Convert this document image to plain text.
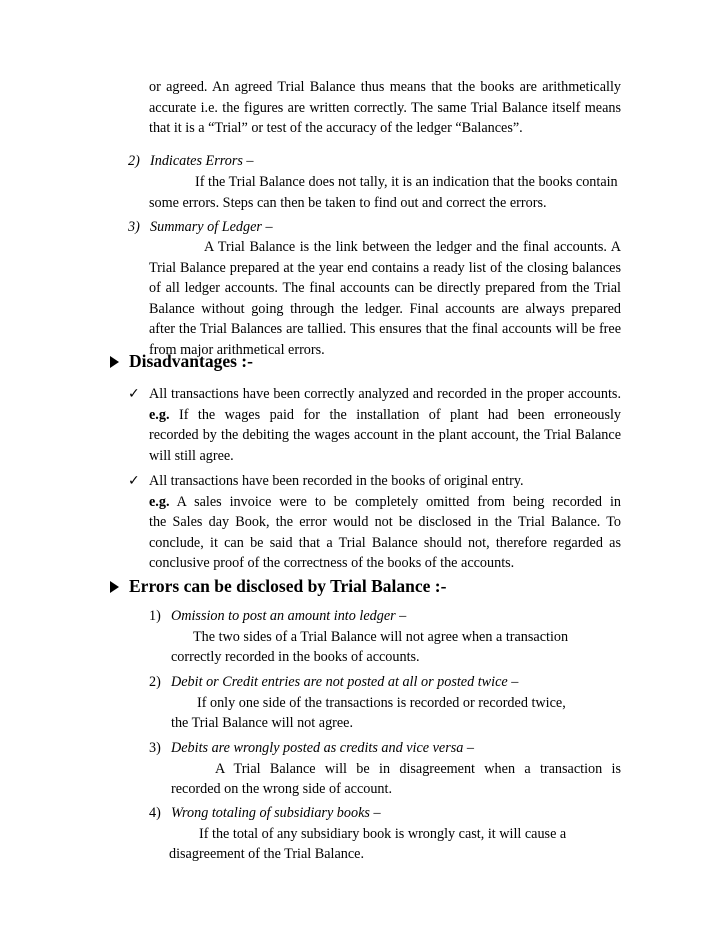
or agreed. An agreed Trial Balance thus means that the books are arithmetically
accurate i.e. the figures are written correctly. The same Trial Balance itself means
that it is a “Trial” or test of the accuracy of the ledger “Balances”.
2) Indicates Errors –
If the Trial Balance does not tally, it is an indication that the books contain
some errors. Steps can then be taken to find out and correct the errors.
3) Summary of Ledger –
A Trial Balance is the link between the ledger and the final accounts. A
Trial Balance prepared at the year end contains a ready list of the closing balances
of all ledger accounts. The final accounts can be directly prepared from the Trial
Balance without going through the ledger. Final accounts are always prepared
after the Trial Balances are tallied. This ensures that the final accounts will be free
from major arithmetical errors.
Disadvantages :-
✓ All transactions have been correctly analyzed and recorded in the proper accounts.
e.g. If the wages paid for the installation of plant had been erroneously
recorded by the debiting the wages account in the plant account, the Trial Balance
will still agree.
✓ All transactions have been recorded in the books of original entry.
e.g. A sales invoice were to be completely omitted from being recorded in
the Sales day Book, the error would not be disclosed in the Trial Balance. To
conclude, it can be said that a Trial Balance should not, therefore regarded as
conclusive proof of the correctness of the books of the accounts.
Errors can be disclosed by Trial Balance :-
1) Omission to post an amount into ledger –
The two sides of a Trial Balance will not agree when a transaction
correctly recorded in the books of accounts.
2) Debit or Credit entries are not posted at all or posted twice –
If only one side of the transactions is recorded or recorded twice,
the Trial Balance will not agree.
3) Debits are wrongly posted as credits and vice versa –
A Trial Balance will be in disagreement when a transaction is
recorded on the wrong side of account.
4) Wrong totaling of subsidiary books –
If the total of any subsidiary book is wrongly cast, it will cause a
disagreement of the Trial Balance.
